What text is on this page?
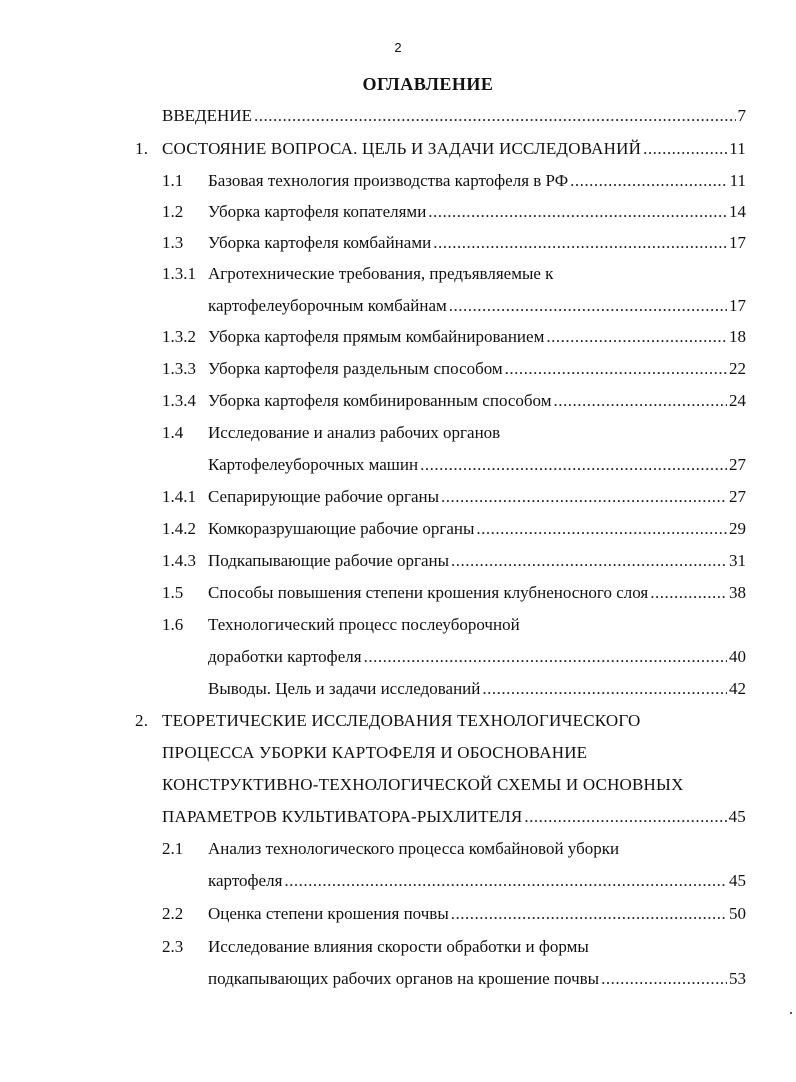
2
ОГЛАВЛЕНИЕ
ВВЕДЕНИЕ .....	7
1. СОСТОЯНИЕ ВОПРОСА. ЦЕЛЬ И ЗАДАЧИ ИССЛЕДОВАНИЙ .....	11
1.1 Базовая технология производства картофеля в РФ .....	11
1.2 Уборка картофеля копателями .....	14
1.3 Уборка картофеля комбайнами .....	17
1.3.1 Агротехнические требования, предъявляемые к
картофелеуборочным комбайнам .....	17
1.3.2 Уборка картофеля прямым комбайнированием .....	18
1.3.3 Уборка картофеля раздельным способом .....	22
1.3.4 Уборка картофеля комбинированным способом .....	24
1.4 Исследование и анализ рабочих органов
Картофелеуборочных машин .....	27
1.4.1 Сепарирующие рабочие органы .....	27
1.4.2 Комкоразрушающие рабочие органы .....	29
1.4.3 Подкапывающие рабочие органы .....	31
1.5 Способы повышения степени крошения клубненосного слоя .....	38
1.6 Технологический процесс послеуборочной
доработки картофеля .....	40
Выводы. Цель и задачи исследований .....	42
2. ТЕОРЕТИЧЕСКИЕ ИССЛЕДОВАНИЯ ТЕХНОЛОГИЧЕСКОГО
ПРОЦЕССА УБОРКИ КАРТОФЕЛЯ И ОБОСНОВАНИЕ
КОНСТРУКТИВНО-ТЕХНОЛОГИЧЕСКОЙ СХЕМЫ И ОСНОВНЫХ
ПАРАМЕТРОВ КУЛЬТИВАТОРА-РЫХЛИТЕЛЯ .....	45
2.1 Анализ технологического процесса комбайновой уборки
картофеля .....	45
2.2 Оценка степени крошения почвы .....	50
2.3 Исследование влияния скорости обработки и формы
подкапывающих рабочих органов на крошение почвы .....	53
